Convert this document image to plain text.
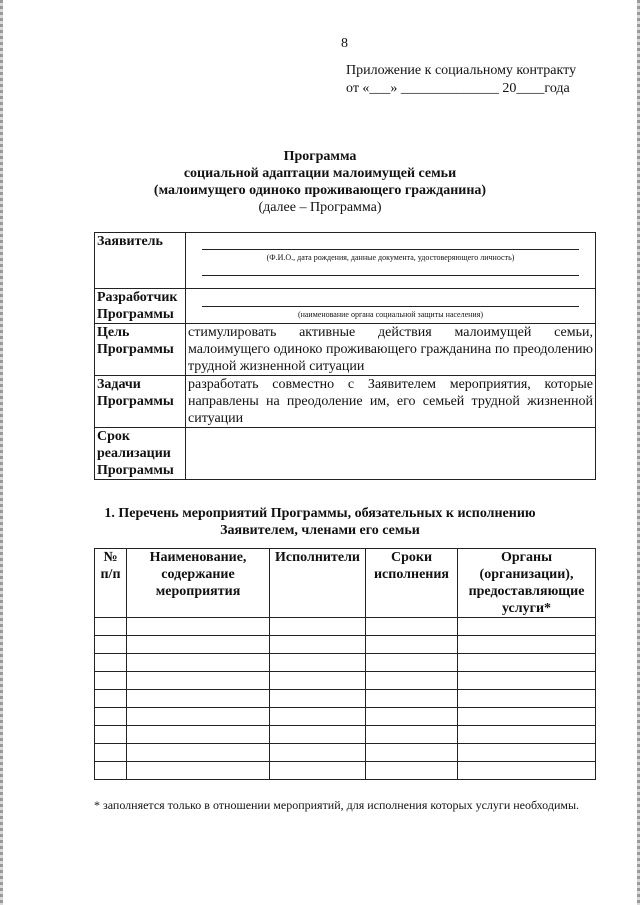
8
Приложение к социальному контракту
от «___» ______________ 20____года
Программа
социальной адаптации малоимущей семьи
(малоимущего одиноко проживающего гражданина)
(далее – Программа)
Заявитель	(Ф.И.О., дата рождения, данные документа, удостоверяющего личность)

Разработчик Программы	(наименование органа социальной защиты населения)

Цель Программы	стимулировать активные действия малоимущей семьи, малоимущего одиноко проживающего гражданина по преодолению трудной жизненной ситуации
Задачи Программы	разработать совместно с Заявителем мероприятия, которые направлены на преодоление им, его семьей трудной жизненной ситуации
Срок реализации Программы	
1. Перечень мероприятий Программы, обязательных к исполнению
Заявителем, членами его семьи
№ п/п	Наименование, содержание мероприятия	Исполнители	Сроки исполнения	Органы (организации), предоставляющие услуги*

* заполняется только в отношении мероприятий, для исполнения которых услуги необходимы.
